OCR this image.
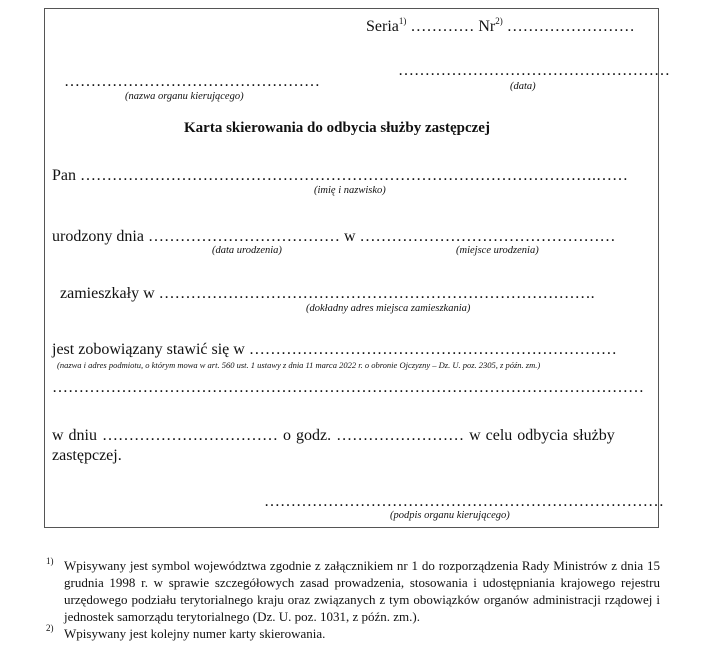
Seria$^{1)}$ ………… Nr$^{2)}$ ……………………
……………………………………………
(data)
…………………………………………
(nazwa organu kierującego)
Karta skierowania do odbycia służby zastępczej
Pan …………………………………………………………………………………….……
(imię i nazwisko)
urodzony dnia ……………………………… w …………………………………………
(data urodzenia)	(miejsce urodzenia)
zamieszkały w ……………………………………………………………………….
(dokładny adres miejsca zamieszkania)
jest zobowiązany stawić się w ……………………………………………………………
(nazwa i adres podmiotu, o którym mowa w art. 560 ust. 1 ustawy z dnia 11 marca 2022 r. o obronie Ojczyzny – Dz. U. poz. 2305, z późn. zm.)
…………………………………………………………………………………………………
w dniu …………………………… o godz. …………………… w celu odbycia służby
zastępczej.
…………………………………………………………………
(podpis organu kierującego)
1) Wpisywany jest symbol województwa zgodnie z załącznikiem nr 1 do rozporządzenia Rady Ministrów z dnia 15 grudnia 1998 r. w sprawie szczegółowych zasad prowadzenia, stosowania i udostępniania krajowego rejestru urzędowego podziału terytorialnego kraju oraz związanych z tym obowiązków organów administracji rządowej i jednostek samorządu terytorialnego (Dz. U. poz. 1031, z późn. zm.).
2) Wpisywany jest kolejny numer karty skierowania.
